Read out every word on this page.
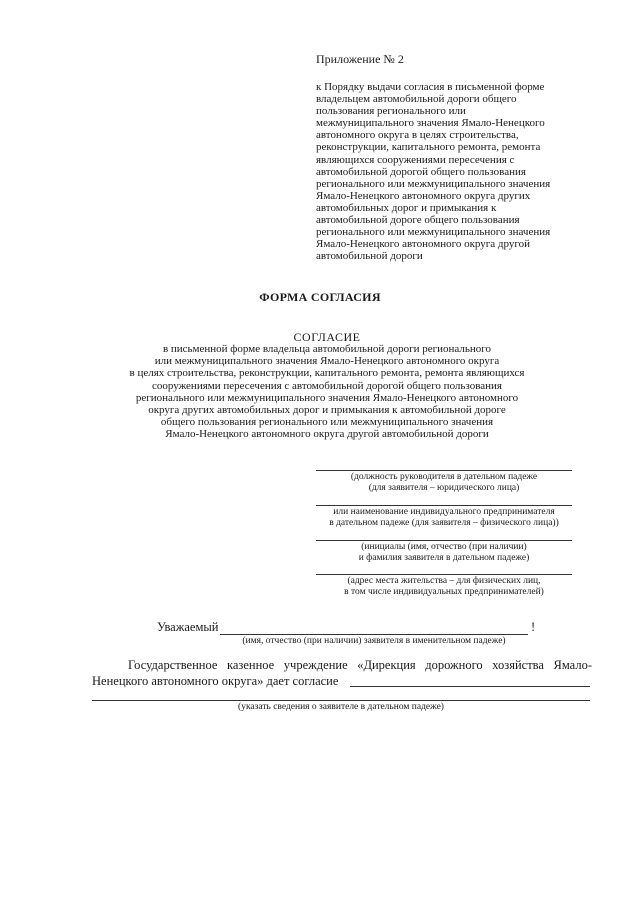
Приложение № 2
к Порядку выдачи согласия в письменной форме
владельцем автомобильной дороги общего
пользования регионального или
межмуниципального значения Ямало-Ненецкого
автономного округа в целях строительства,
реконструкции, капитального ремонта, ремонта
являющихся сооружениями пересечения с
автомобильной дорогой общего пользования
регионального или межмуниципального значения
Ямало-Ненецкого автономного округа других
автомобильных дорог и примыкания к
автомобильной дороге общего пользования
регионального или межмуниципального значения
Ямало-Ненецкого автономного округа другой
автомобильной дороги
ФОРМА СОГЛАСИЯ
СОГЛАСИЕ
в письменной форме владельца автомобильной дороги регионального
или межмуниципального значения Ямало-Ненецкого автономного округа
в целях строительства, реконструкции, капитального ремонта, ремонта являющихся
сооружениями пересечения с автомобильной дорогой общего пользования
регионального или межмуниципального значения Ямало-Ненецкого автономного
округа других автомобильных дорог и примыкания к автомобильной дороге
общего пользования регионального или межмуниципального значения
Ямало-Ненецкого автономного округа другой автомобильной дороги
(должность руководителя в дательном падеже
(для заявителя – юридического лица)
или наименование индивидуального предпринимателя
в дательном падеже (для заявителя – физического лица))
(инициалы (имя, отчество (при наличии)
и фамилия заявителя в дательном падеже)
(адрес места жительства – для физических лиц,
в том числе индивидуальных предпринимателей)
Уважаемый	!
(имя, отчество (при наличии) заявителя в именительном падеже)
Государственное казенное учреждение «Дирекция дорожного хозяйства Ямало-
Ненецкого автономного округа» дает согласие
(указать сведения о заявителе в дательном падеже)
